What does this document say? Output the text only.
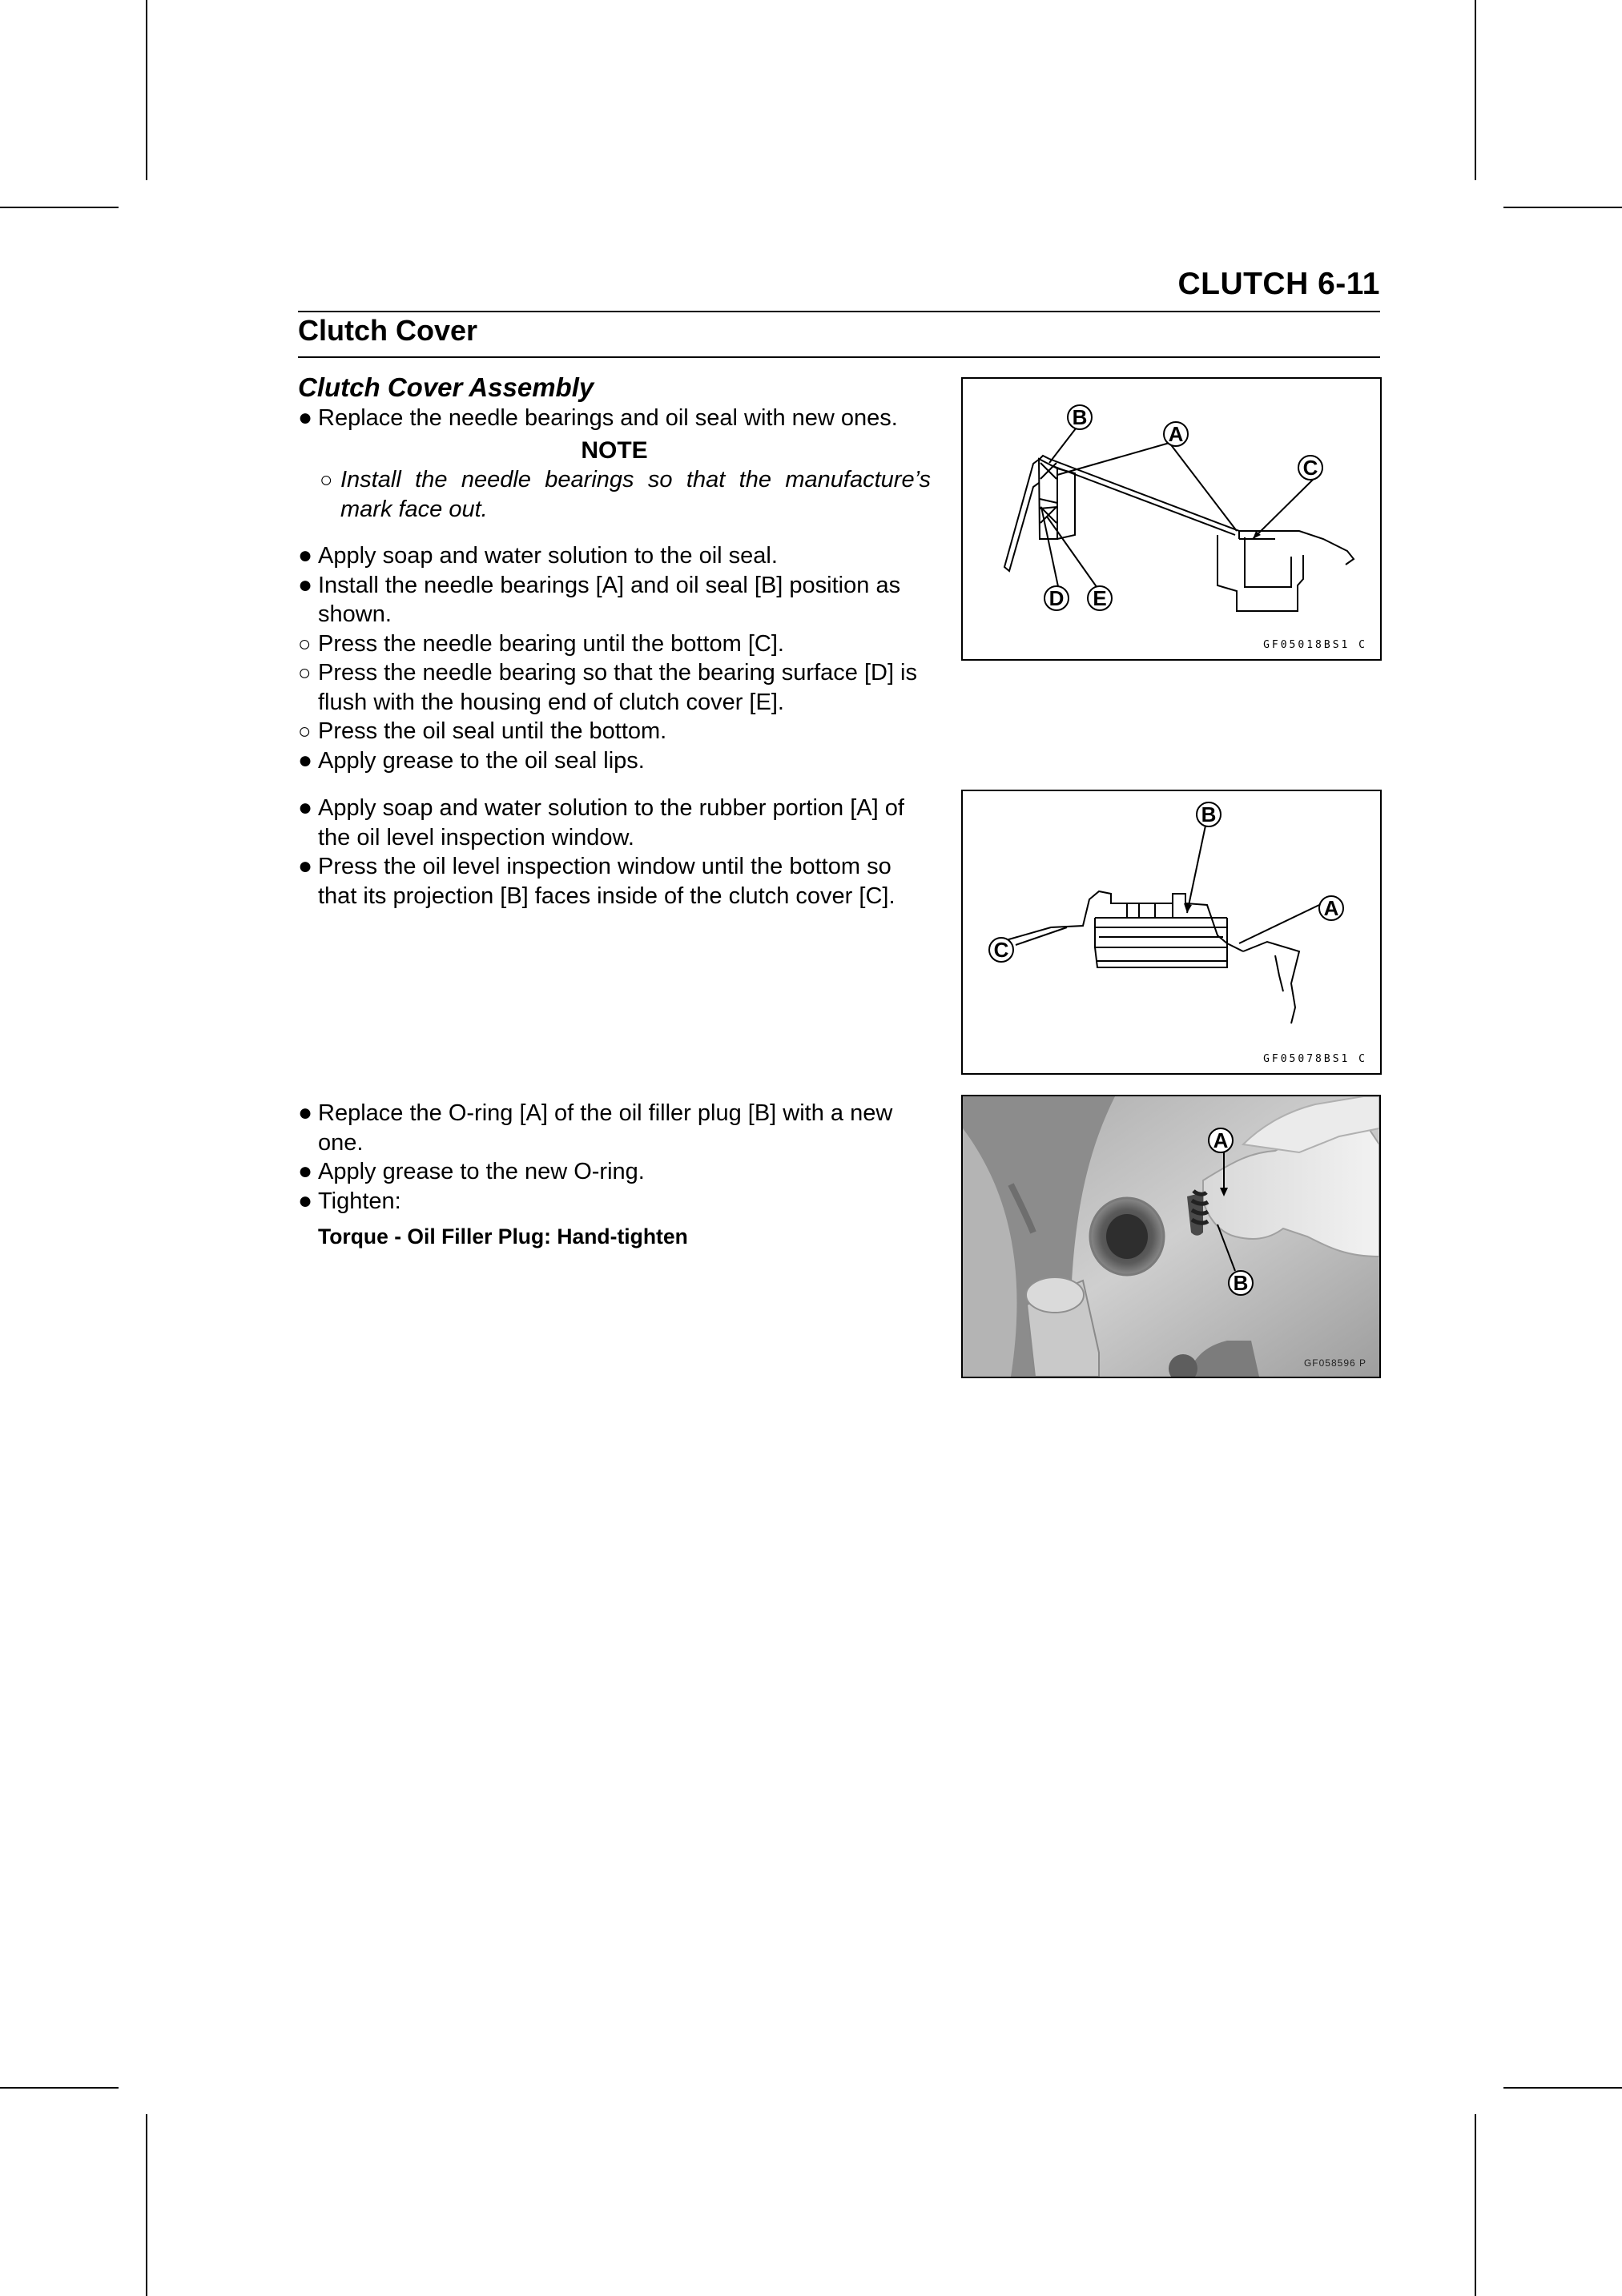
CLUTCH 6-11
Clutch Cover
Clutch Cover Assembly
● Replace the needle bearings and oil seal with new ones.
NOTE
○ Install the needle bearings so that the manufacture’s mark face out.
● Apply soap and water solution to the oil seal.
● Install the needle bearings [A] and oil seal [B] position as shown.
○ Press the needle bearing until the bottom [C].
○ Press the needle bearing so that the bearing surface [D] is flush with the housing end of clutch cover [E].
○ Press the oil seal until the bottom.
● Apply grease to the oil seal lips.
● Apply soap and water solution to the rubber portion [A] of the oil level inspection window.
● Press the oil level inspection window until the bottom so that its projection [B] faces inside of the clutch cover [C].
● Replace the O-ring [A] of the oil filler plug [B] with a new one.
● Apply grease to the new O-ring.
● Tighten:
Torque - Oil Filler Plug: Hand-tighten
B
A
C
D E
GF05018BS1 C
B
A
C
GF05078BS1 C
A
B
GF058596 P
